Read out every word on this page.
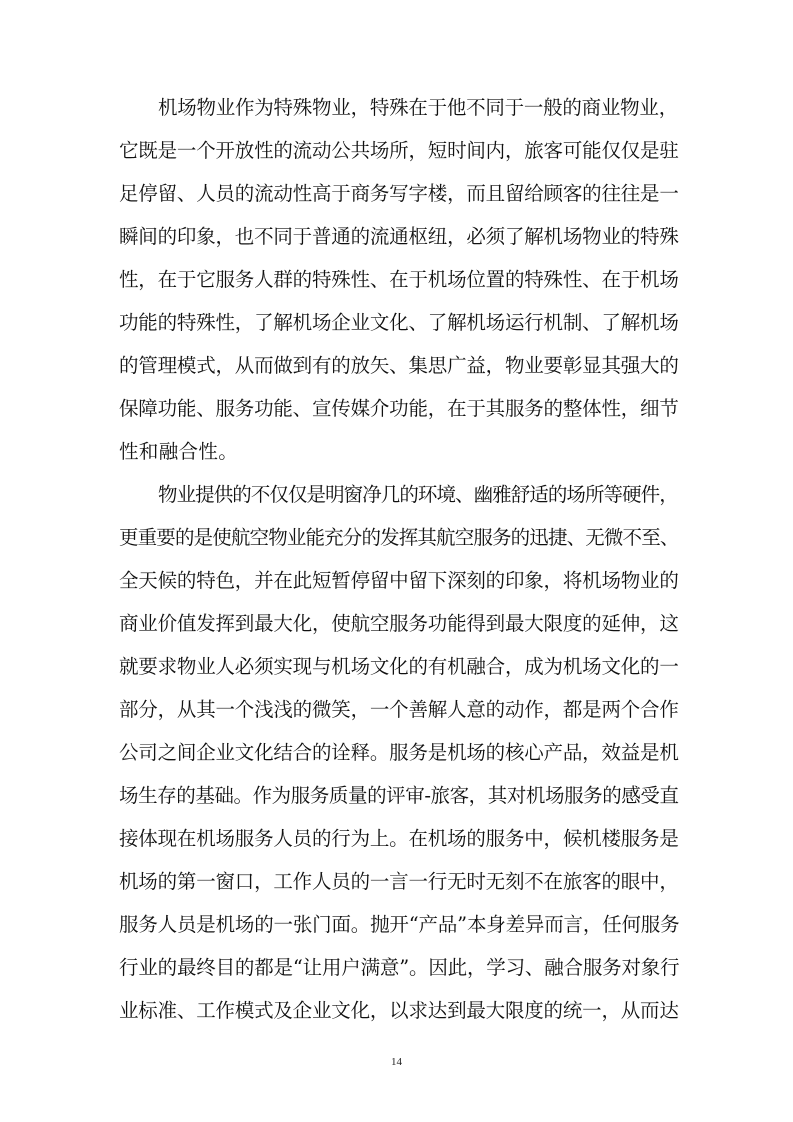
机场物业作为特殊物业，特殊在于他不同于一般的商业物业，
它既是一个开放性的流动公共场所，短时间内，旅客可能仅仅是驻
足停留、人员的流动性高于商务写字楼，而且留给顾客的往往是一
瞬间的印象，也不同于普通的流通枢纽，必须了解机场物业的特殊
性，在于它服务人群的特殊性、在于机场位置的特殊性、在于机场
功能的特殊性，了解机场企业文化、了解机场运行机制、了解机场
的管理模式，从而做到有的放矢、集思广益，物业要彰显其强大的
保障功能、服务功能、宣传媒介功能，在于其服务的整体性，细节
性和融合性。
物业提供的不仅仅是明窗净几的环境、幽雅舒适的场所等硬件，
更重要的是使航空物业能充分的发挥其航空服务的迅捷、无微不至、
全天候的特色，并在此短暂停留中留下深刻的印象，将机场物业的
商业价值发挥到最大化，使航空服务功能得到最大限度的延伸，这
就要求物业人必须实现与机场文化的有机融合，成为机场文化的一
部分，从其一个浅浅的微笑，一个善解人意的动作，都是两个合作
公司之间企业文化结合的诠释。服务是机场的核心产品，效益是机
场生存的基础。作为服务质量的评审-旅客，其对机场服务的感受直
接体现在机场服务人员的行为上。在机场的服务中，候机楼服务是
机场的第一窗口，工作人员的一言一行无时无刻不在旅客的眼中，
服务人员是机场的一张门面。抛开“产品”本身差异而言，任何服务
行业的最终目的都是“让用户满意”。因此，学习、融合服务对象行
业标准、工作模式及企业文化，以求达到最大限度的统一，从而达
14
